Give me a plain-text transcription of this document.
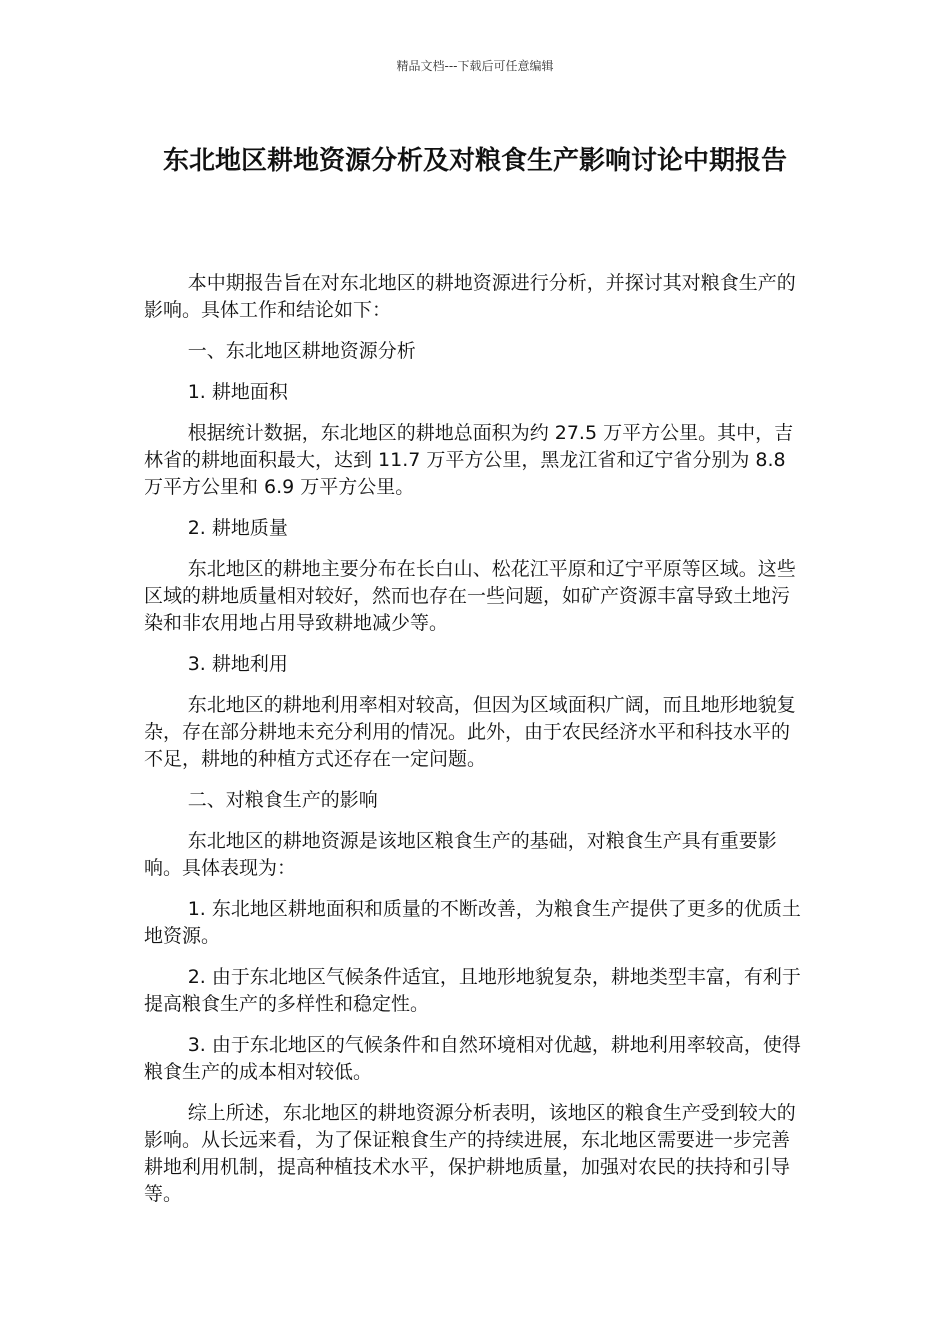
精品文档---下载后可任意编辑
东北地区耕地资源分析及对粮食生产影响讨论中期报告

本中期报告旨在对东北地区的耕地资源进行分析，并探讨其对粮食生产的影响。具体工作和结论如下：

一、东北地区耕地资源分析

1. 耕地面积

根据统计数据，东北地区的耕地总面积为约 27.5 万平方公里。其中，吉林省的耕地面积最大，达到 11.7 万平方公里，黑龙江省和辽宁省分别为 8.8 万平方公里和 6.9 万平方公里。

2. 耕地质量

东北地区的耕地主要分布在长白山、松花江平原和辽宁平原等区域。这些区域的耕地质量相对较好，然而也存在一些问题，如矿产资源丰富导致土地污染和非农用地占用导致耕地减少等。

3. 耕地利用

东北地区的耕地利用率相对较高，但因为区域面积广阔，而且地形地貌复杂，存在部分耕地未充分利用的情况。此外，由于农民经济水平和科技水平的不足，耕地的种植方式还存在一定问题。

二、对粮食生产的影响

东北地区的耕地资源是该地区粮食生产的基础，对粮食生产具有重要影响。具体表现为：

1. 东北地区耕地面积和质量的不断改善，为粮食生产提供了更多的优质土地资源。

2. 由于东北地区气候条件适宜，且地形地貌复杂，耕地类型丰富，有利于提高粮食生产的多样性和稳定性。

3. 由于东北地区的气候条件和自然环境相对优越，耕地利用率较高，使得粮食生产的成本相对较低。

综上所述，东北地区的耕地资源分析表明，该地区的粮食生产受到较大的影响。从长远来看，为了保证粮食生产的持续进展，东北地区需要进一步完善耕地利用机制，提高种植技术水平，保护耕地质量，加强对农民的扶持和引导等。
